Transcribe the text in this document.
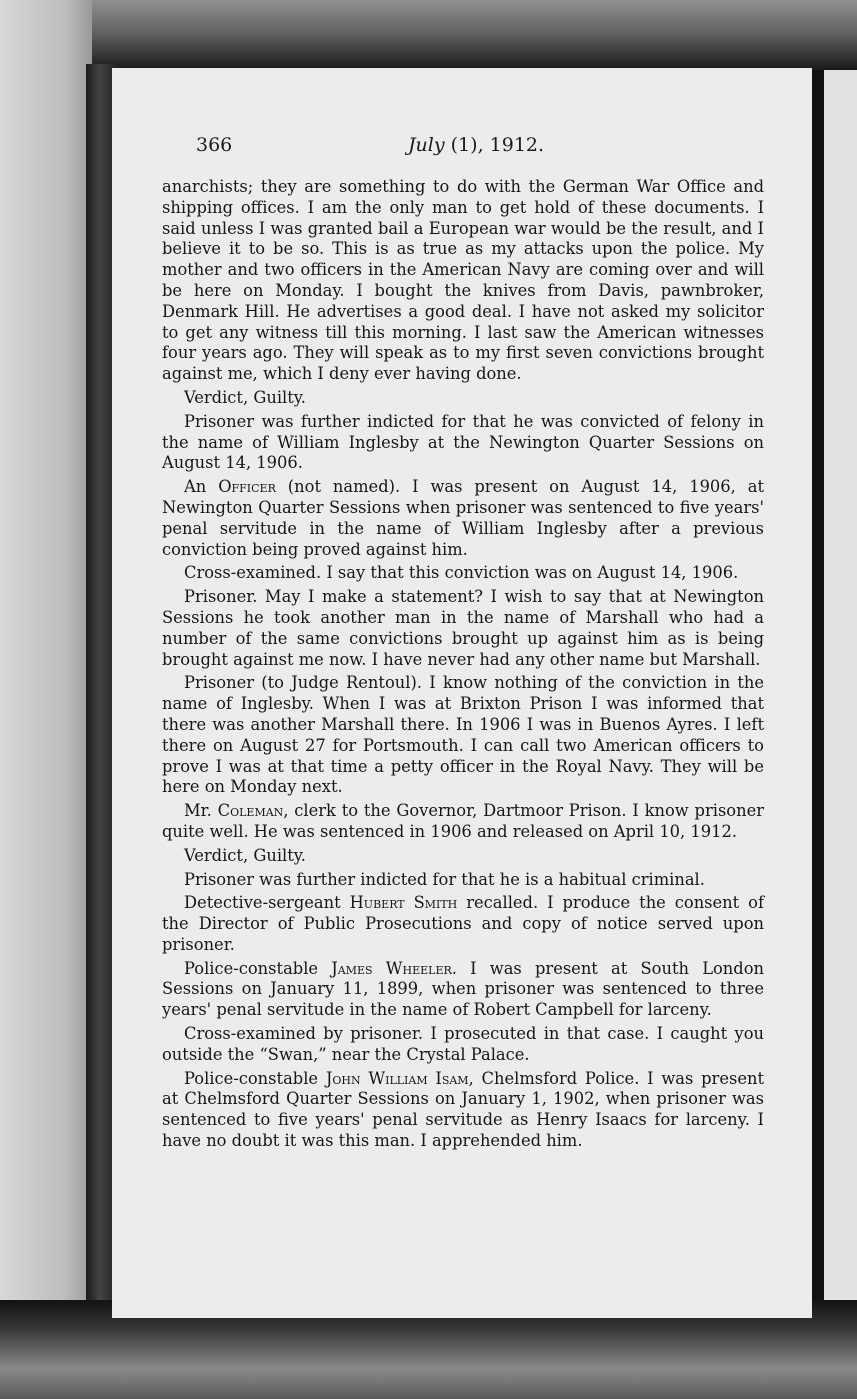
366	July (1), 1912.

anarchists; they are something to do with the German War Office and shipping offices. I am the only man to get hold of these documents. I said unless I was granted bail a European war would be the result, and I believe it to be so. This is as true as my attacks upon the police. My mother and two officers in the American Navy are coming over and will be here on Monday. I bought the knives from Davis, pawnbroker, Denmark Hill. He advertises a good deal. I have not asked my solicitor to get any witness till this morning. I last saw the American witnesses four years ago. They will speak as to my first seven convictions brought against me, which I deny ever having done.

Verdict, Guilty.

Prisoner was further indicted for that he was convicted of felony in the name of William Inglesby at the Newington Quarter Sessions on August 14, 1906.

An Officer (not named). I was present on August 14, 1906, at Newington Quarter Sessions when prisoner was sentenced to five years' penal servitude in the name of William Inglesby after a previous conviction being proved against him.

Cross-examined. I say that this conviction was on August 14, 1906.

Prisoner. May I make a statement? I wish to say that at Newington Sessions he took another man in the name of Marshall who had a number of the same convictions brought up against him as is being brought against me now. I have never had any other name but Marshall.

Prisoner (to Judge Rentoul). I know nothing of the conviction in the name of Inglesby. When I was at Brixton Prison I was informed that there was another Marshall there. In 1906 I was in Buenos Ayres. I left there on August 27 for Portsmouth. I can call two American officers to prove I was at that time a petty officer in the Royal Navy. They will be here on Monday next.

Mr. Coleman, clerk to the Governor, Dartmoor Prison. I know prisoner quite well. He was sentenced in 1906 and released on April 10, 1912.

Verdict, Guilty.

Prisoner was further indicted for that he is a habitual criminal.

Detective-sergeant Hubert Smith recalled. I produce the consent of the Director of Public Prosecutions and copy of notice served upon prisoner.

Police-constable James Wheeler. I was present at South London Sessions on January 11, 1899, when prisoner was sentenced to three years' penal servitude in the name of Robert Campbell for larceny.

Cross-examined by prisoner. I prosecuted in that case. I caught you outside the “Swan,” near the Crystal Palace.

Police-constable John William Isam, Chelmsford Police. I was present at Chelmsford Quarter Sessions on January 1, 1902, when prisoner was sentenced to five years' penal servitude as Henry Isaacs for larceny. I have no doubt it was this man. I apprehended him.
